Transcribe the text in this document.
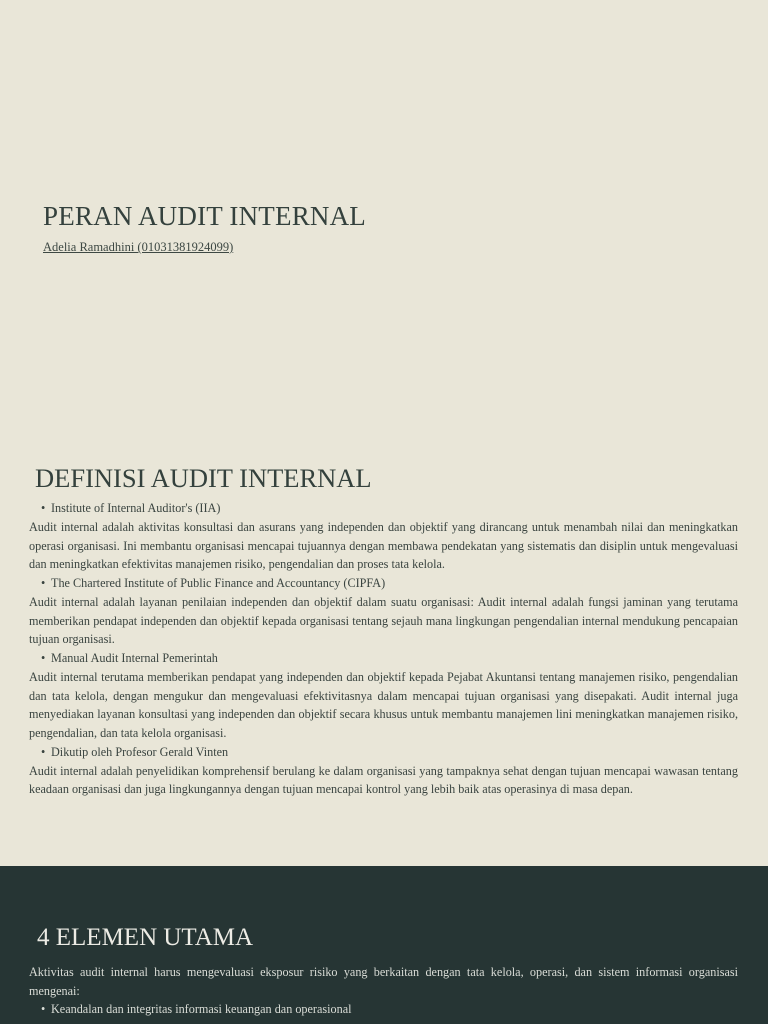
PERAN AUDIT INTERNAL
Adelia Ramadhini (01031381924099)
DEFINISI AUDIT INTERNAL
• Institute of Internal Auditor's (IIA)

Audit internal adalah aktivitas konsultasi dan asurans yang independen dan objektif yang dirancang untuk menambah nilai dan meningkatkan operasi organisasi. Ini membantu organisasi mencapai tujuannya dengan membawa pendekatan yang sistematis dan disiplin untuk mengevaluasi dan meningkatkan efektivitas manajemen risiko, pengendalian dan proses tata kelola.

• The Chartered Institute of Public Finance and Accountancy (CIPFA)

Audit internal adalah layanan penilaian independen dan objektif dalam suatu organisasi: Audit internal adalah fungsi jaminan yang terutama memberikan pendapat independen dan objektif kepada organisasi tentang sejauh mana lingkungan pengendalian internal mendukung pencapaian tujuan organisasi.

• Manual Audit Internal Pemerintah

Audit internal terutama memberikan pendapat yang independen dan objektif kepada Pejabat Akuntansi tentang manajemen risiko, pengendalian dan tata kelola, dengan mengukur dan mengevaluasi efektivitasnya dalam mencapai tujuan organisasi yang disepakati. Audit internal juga menyediakan layanan konsultasi yang independen dan objektif secara khusus untuk membantu manajemen lini meningkatkan manajemen risiko, pengendalian, dan tata kelola organisasi.

• Dikutip oleh Profesor Gerald Vinten

Audit internal adalah penyelidikan komprehensif berulang ke dalam organisasi yang tampaknya sehat dengan tujuan mencapai wawasan tentang keadaan organisasi dan juga lingkungannya dengan tujuan mencapai kontrol yang lebih baik atas operasinya di masa depan.

4 ELEMEN UTAMA

Aktivitas audit internal harus mengevaluasi eksposur risiko yang berkaitan dengan tata kelola, operasi, dan sistem informasi organisasi mengenai:

• Keandalan dan integritas informasi keuangan dan operasional
